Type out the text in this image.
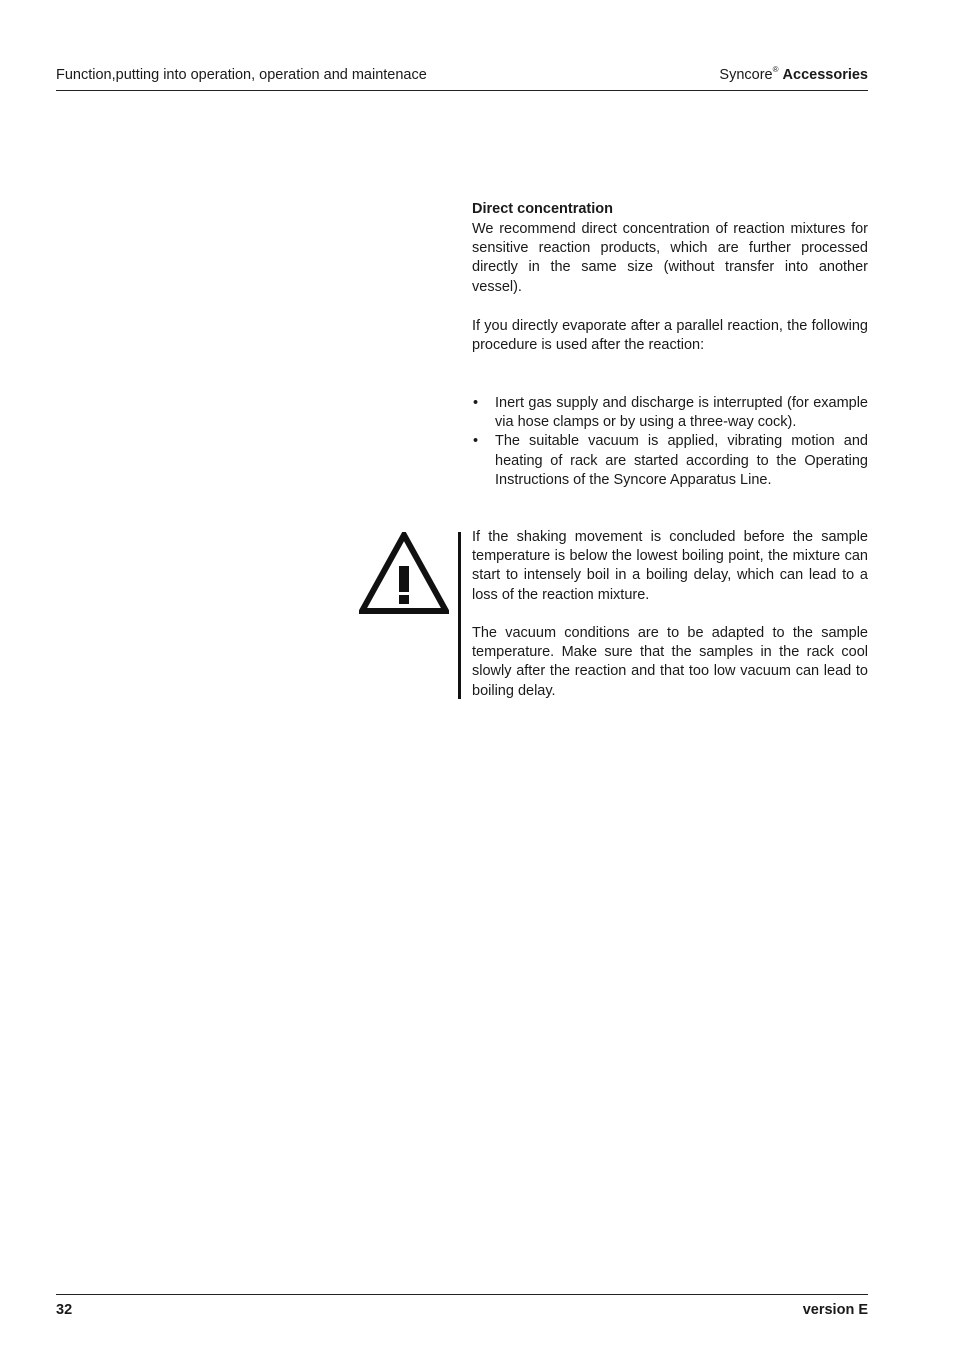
Function,putting into operation, operation and maintenace	Syncore® Accessories
Direct concentration
We recommend direct concentration of reaction mixtures for sensitive reaction products, which are further processed directly in the same size (without transfer into another vessel).
If you directly evaporate after a parallel reaction, the following procedure is used after the reaction:
• Inert gas supply and discharge is interrupted (for example via hose clamps or by using a three-way cock).
• The suitable vacuum is applied, vibrating motion and heating of rack are started according to the Operating Instructions of the Syncore Apparatus Line.
If the shaking movement is concluded before the sample temperature is below the lowest boiling point, the mixture can start to intensely boil in a boiling delay, which can lead to a loss of the reaction mixture.
The vacuum conditions are to be adapted to the sample temperature. Make sure that the samples in the rack cool slowly after the reaction and that too low vacuum can lead to boiling delay.
32	version E
